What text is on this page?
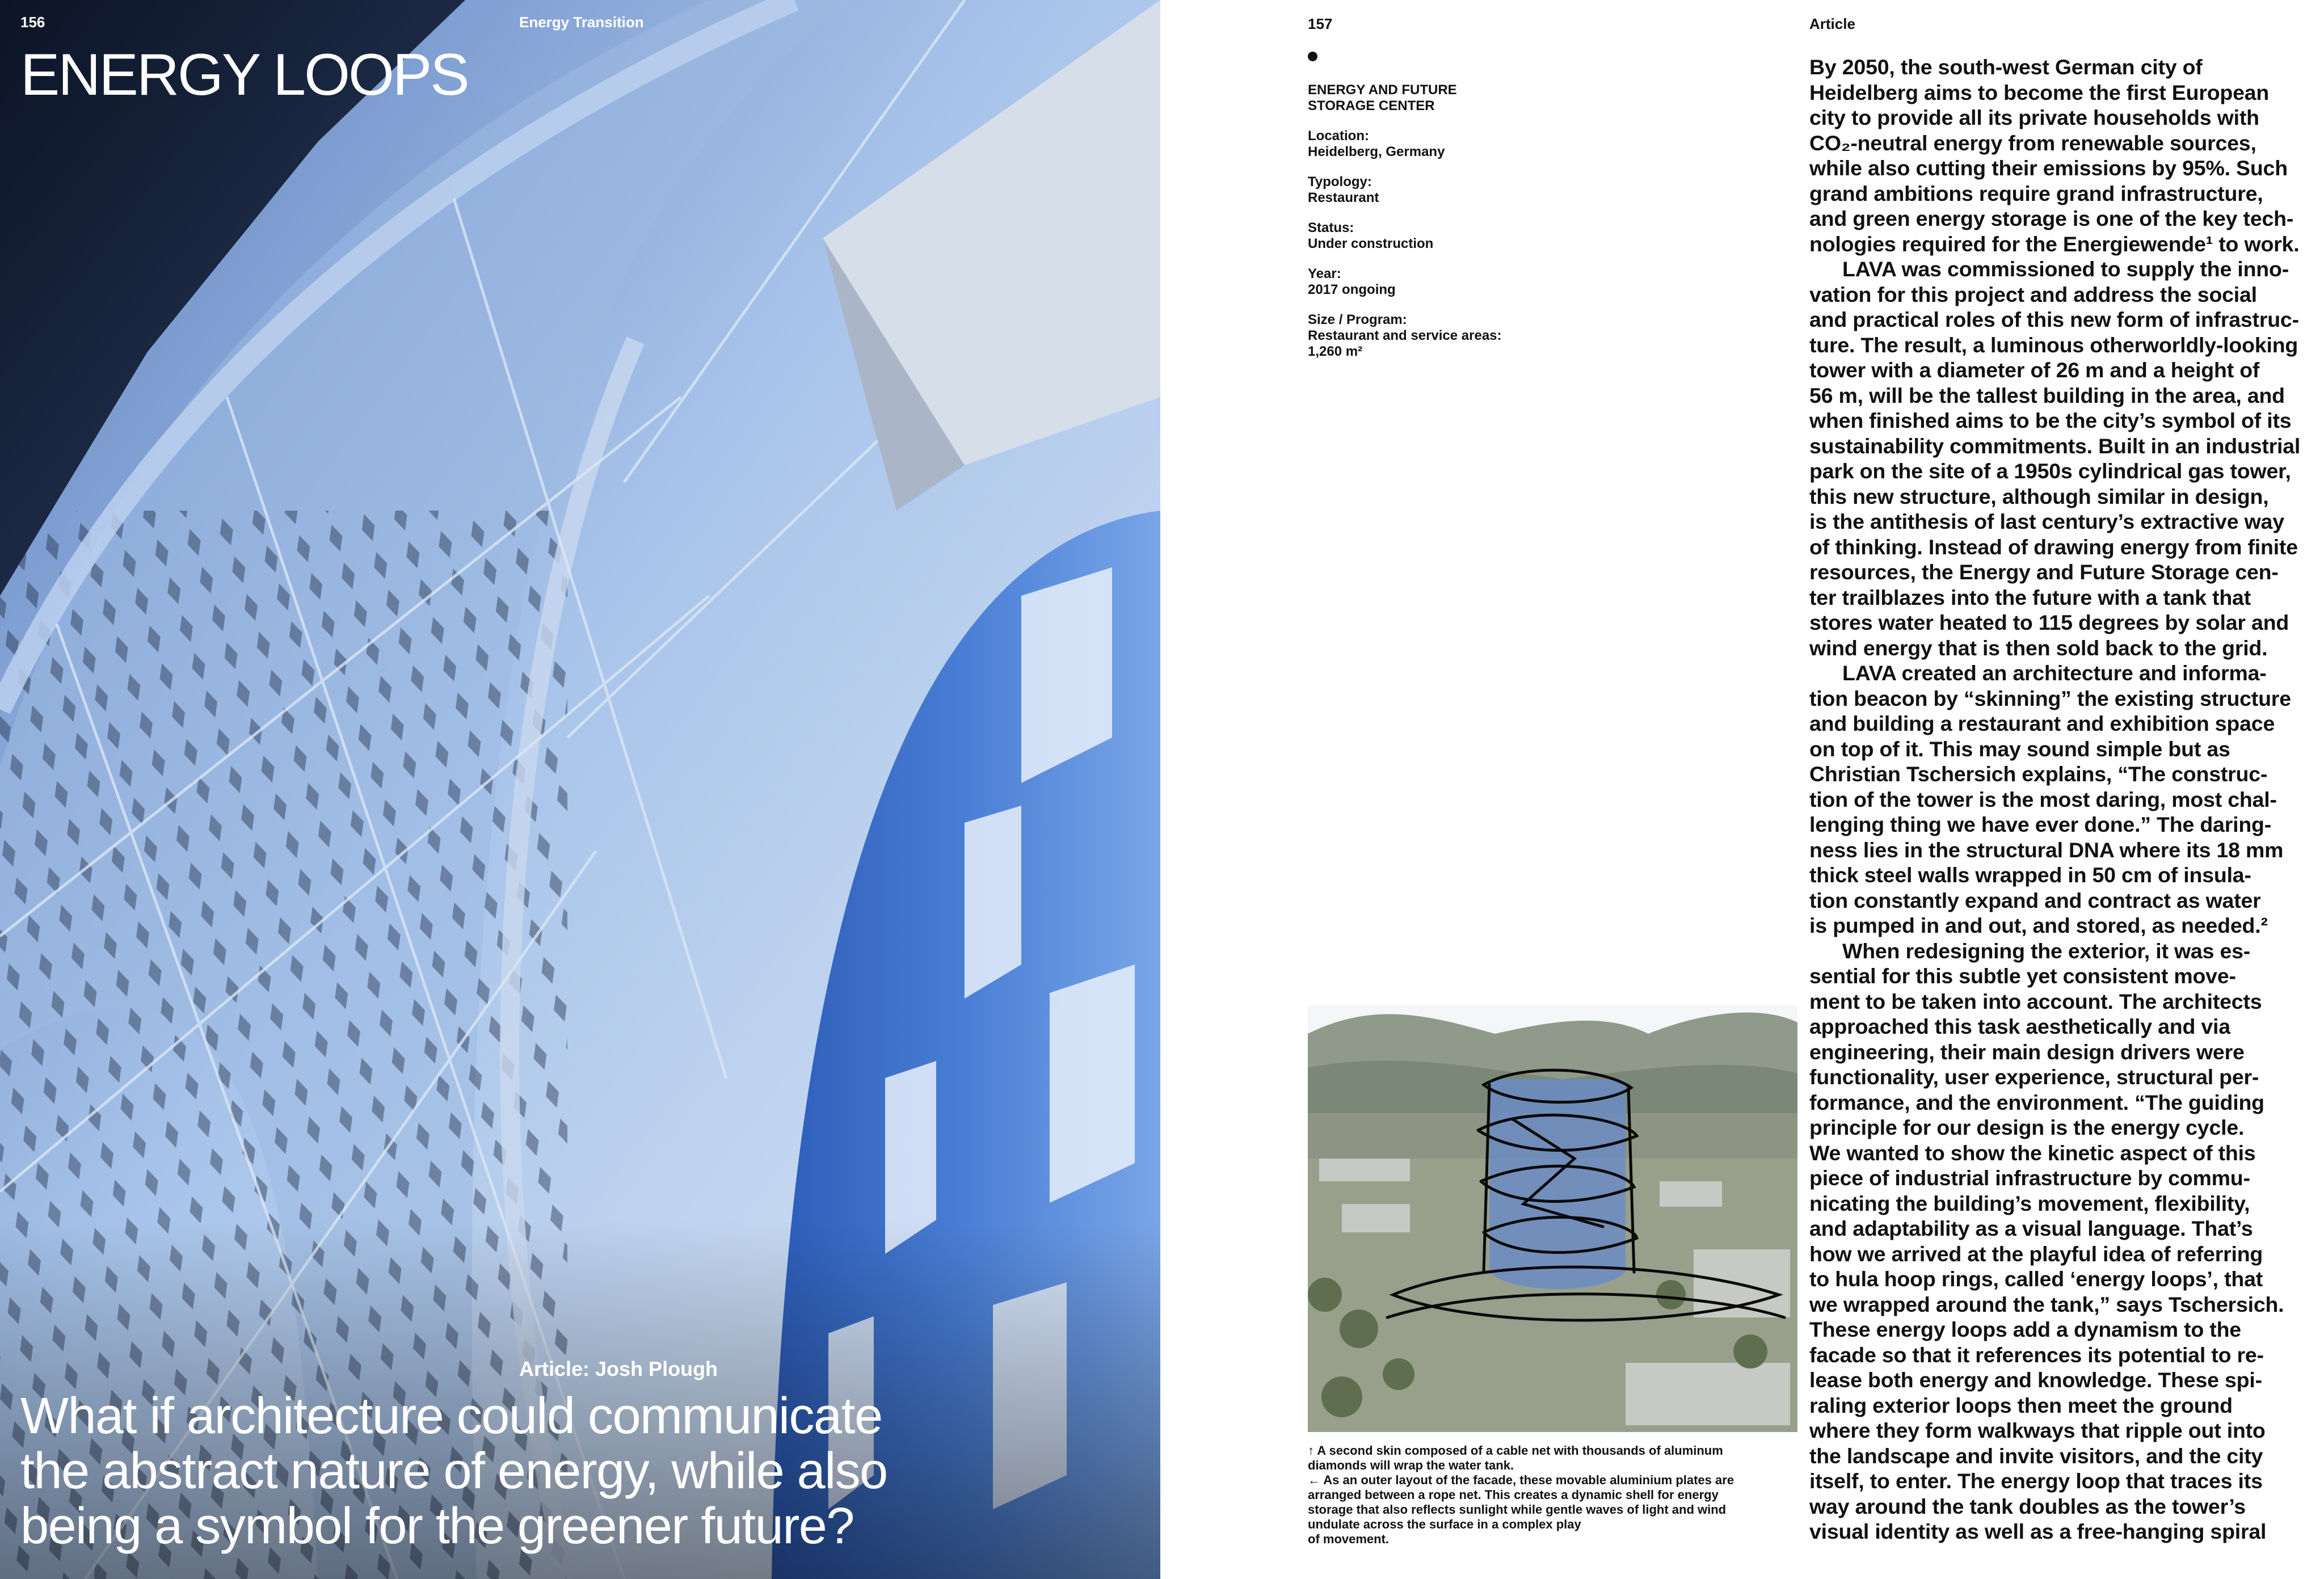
156	Energy Transition
ENERGY LOOPS
Article: Josh Plough
What if architecture could communicate
the abstract nature of energy, while also
being a symbol for the greener future?
157	Article
ENERGY AND FUTURE
STORAGE CENTER
Location:
Heidelberg, Germany
Typology:
Restaurant
Status:
Under construction
Year:
2017 ongoing
Size / Program:
Restaurant and service areas:
1,260 m²
↑ A second skin composed of a cable net with thousands of aluminum
diamonds will wrap the water tank.
← As an outer layout of the facade, these movable aluminium plates are
arranged between a rope net. This creates a dynamic shell for energy
storage that also reflects sunlight while gentle waves of light and wind
undulate across the surface in a complex play
of movement.
By 2050, the south-west German city of
Heidelberg aims to become the first European
city to provide all its private households with
CO₂-neutral energy from renewable sources,
while also cutting their emissions by 95%. Such
grand ambitions require grand infrastructure,
and green energy storage is one of the key tech-
nologies required for the Energiewende¹ to work.
LAVA was commissioned to supply the inno-
vation for this project and address the social
and practical roles of this new form of infrastruc-
ture. The result, a luminous otherworldly-looking
tower with a diameter of 26 m and a height of
56 m, will be the tallest building in the area, and
when finished aims to be the city’s symbol of its
sustainability commitments. Built in an industrial
park on the site of a 1950s cylindrical gas tower,
this new structure, although similar in design,
is the antithesis of last century’s extractive way
of thinking. Instead of drawing energy from finite
resources, the Energy and Future Storage cen-
ter trailblazes into the future with a tank that
stores water heated to 115 degrees by solar and
wind energy that is then sold back to the grid.
LAVA created an architecture and informa-
tion beacon by “skinning” the existing structure
and building a restaurant and exhibition space
on top of it. This may sound simple but as
Christian Tschersich explains, “The construc-
tion of the tower is the most daring, most chal-
lenging thing we have ever done.” The daring-
ness lies in the structural DNA where its 18 mm
thick steel walls wrapped in 50 cm of insula-
tion constantly expand and contract as water
is pumped in and out, and stored, as needed.²
When redesigning the exterior, it was es-
sential for this subtle yet consistent move-
ment to be taken into account. The architects
approached this task aesthetically and via
engineering, their main design drivers were
functionality, user experience, structural per-
formance, and the environment. “The guiding
principle for our design is the energy cycle.
We wanted to show the kinetic aspect of this
piece of industrial infrastructure by commu-
nicating the building’s movement, flexibility,
and adaptability as a visual language. That’s
how we arrived at the playful idea of referring
to hula hoop rings, called ‘energy loops’, that
we wrapped around the tank,” says Tschersich.
These energy loops add a dynamism to the
facade so that it references its potential to re-
lease both energy and knowledge. These spi-
raling exterior loops then meet the ground
where they form walkways that ripple out into
the landscape and invite visitors, and the city
itself, to enter. The energy loop that traces its
way around the tank doubles as the tower’s
visual identity as well as a free-hanging spiral
